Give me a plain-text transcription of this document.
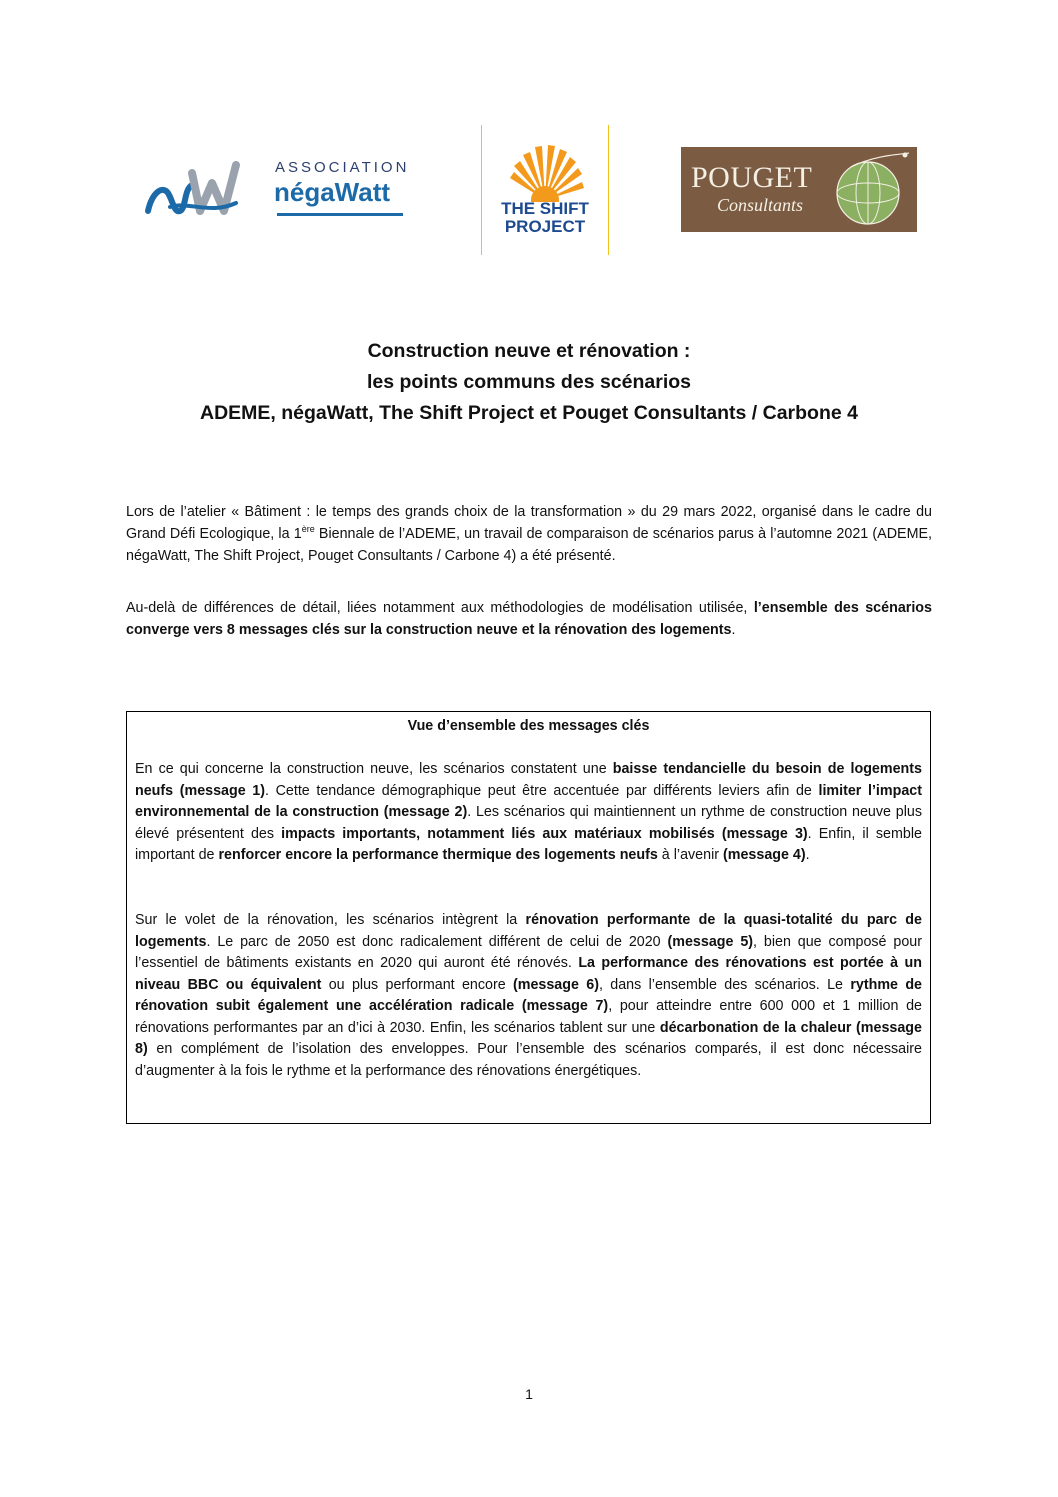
ASSOCIATION
négaWatt
THE SHIFT
PROJECT
POUGET
Consultants
Construction neuve et rénovation :
les points communs des scénarios
ADEME, négaWatt, The Shift Project et Pouget Consultants / Carbone 4
Lors de l’atelier « Bâtiment : le temps des grands choix de la transformation » du 29 mars 2022, organisé dans le cadre du Grand Défi Ecologique, la 1ère Biennale de l’ADEME, un travail de comparaison de scénarios parus à l’automne 2021 (ADEME, négaWatt, The Shift Project, Pouget Consultants / Carbone 4) a été présenté.
Au-delà de différences de détail, liées notamment aux méthodologies de modélisation utilisée, l’ensemble des scénarios converge vers 8 messages clés sur la construction neuve et la rénovation des logements.
Vue d’ensemble des messages clés
En ce qui concerne la construction neuve, les scénarios constatent une baisse tendancielle du besoin de logements neufs (message 1). Cette tendance démographique peut être accentuée par différents leviers afin de limiter l’impact environnemental de la construction (message 2). Les scénarios qui maintiennent un rythme de construction neuve plus élevé présentent des impacts importants, notamment liés aux matériaux mobilisés (message 3). Enfin, il semble important de renforcer encore la performance thermique des logements neufs à l’avenir (message 4).
Sur le volet de la rénovation, les scénarios intègrent la rénovation performante de la quasi-totalité du parc de logements. Le parc de 2050 est donc radicalement différent de celui de 2020 (message 5), bien que composé pour l’essentiel de bâtiments existants en 2020 qui auront été rénovés. La performance des rénovations est portée à un niveau BBC ou équivalent ou plus performant encore (message 6), dans l’ensemble des scénarios. Le rythme de rénovation subit également une accélération radicale (message 7), pour atteindre entre 600 000 et 1 million de rénovations performantes par an d’ici à 2030. Enfin, les scénarios tablent sur une décarbonation de la chaleur (message 8) en complément de l’isolation des enveloppes. Pour l’ensemble des scénarios comparés, il est donc nécessaire d’augmenter à la fois le rythme et la performance des rénovations énergétiques.
1
